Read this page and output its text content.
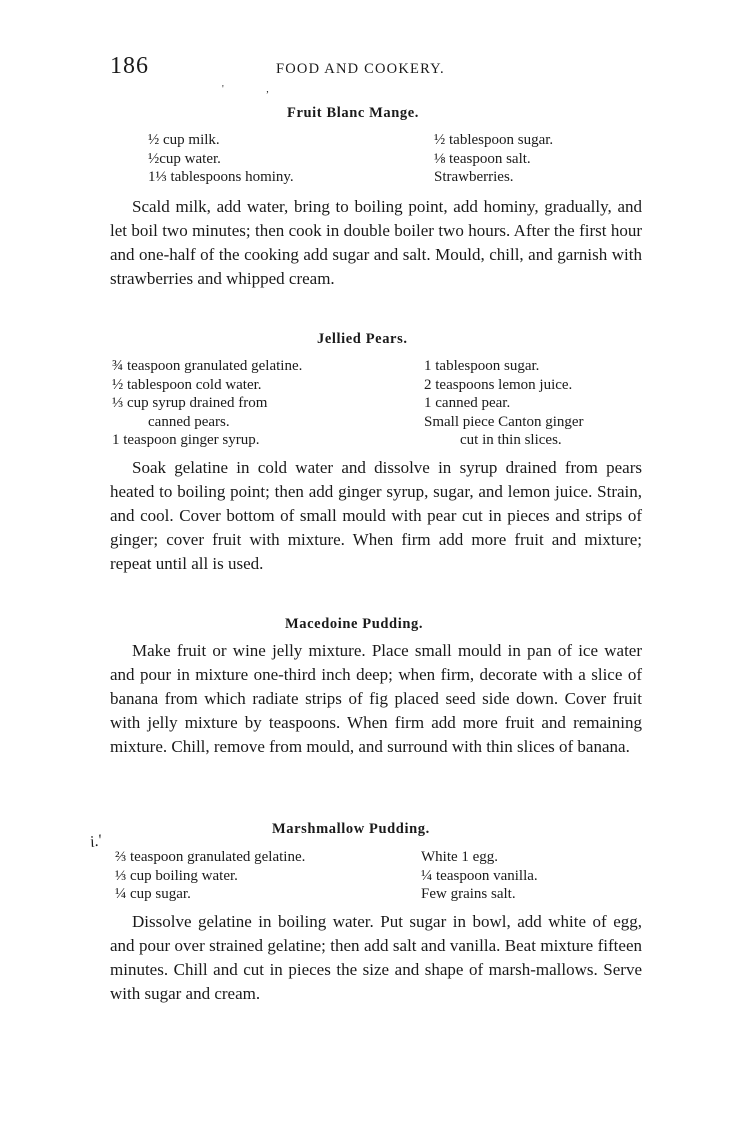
186	FOOD AND COOKERY.
' ,
i.'
Fruit Blanc Mange.
½ cup milk.
½cup water.
1⅓ tablespoons hominy.
½ tablespoon sugar.
⅛ teaspoon salt.
Strawberries.

Scald milk, add water, bring to boiling point, add hominy, gradually, and let boil two minutes; then cook in double boiler two hours. After the first hour and one-half of the cooking add sugar and salt. Mould, chill, and garnish with strawberries and whipped cream.

Jellied Pears.
¾ teaspoon granulated gelatine.
½ tablespoon cold water.
⅓ cup syrup drained from
canned pears.
1 teaspoon ginger syrup.
1 tablespoon sugar.
2 teaspoons lemon juice.
1 canned pear.
Small piece Canton ginger
cut in thin slices.

Soak gelatine in cold water and dissolve in syrup drained from pears heated to boiling point; then add ginger syrup, sugar, and lemon juice. Strain, and cool. Cover bottom of small mould with pear cut in pieces and strips of ginger; cover fruit with mixture. When firm add more fruit and mixture; repeat until all is used.

Macedoine Pudding.

Make fruit or wine jelly mixture. Place small mould in pan of ice water and pour in mixture one-third inch deep; when firm, decorate with a slice of banana from which radiate strips of fig placed seed side down. Cover fruit with jelly mixture by teaspoons. When firm add more fruit and remaining mixture. Chill, remove from mould, and surround with thin slices of banana.

Marshmallow Pudding.
⅔ teaspoon granulated gelatine.
⅓ cup boiling water.
¼ cup sugar.
White 1 egg.
¼ teaspoon vanilla.
Few grains salt.

Dissolve gelatine in boiling water. Put sugar in bowl, add white of egg, and pour over strained gelatine; then add salt and vanilla. Beat mixture fifteen minutes. Chill and cut in pieces the size and shape of marsh-mallows. Serve with sugar and cream.
